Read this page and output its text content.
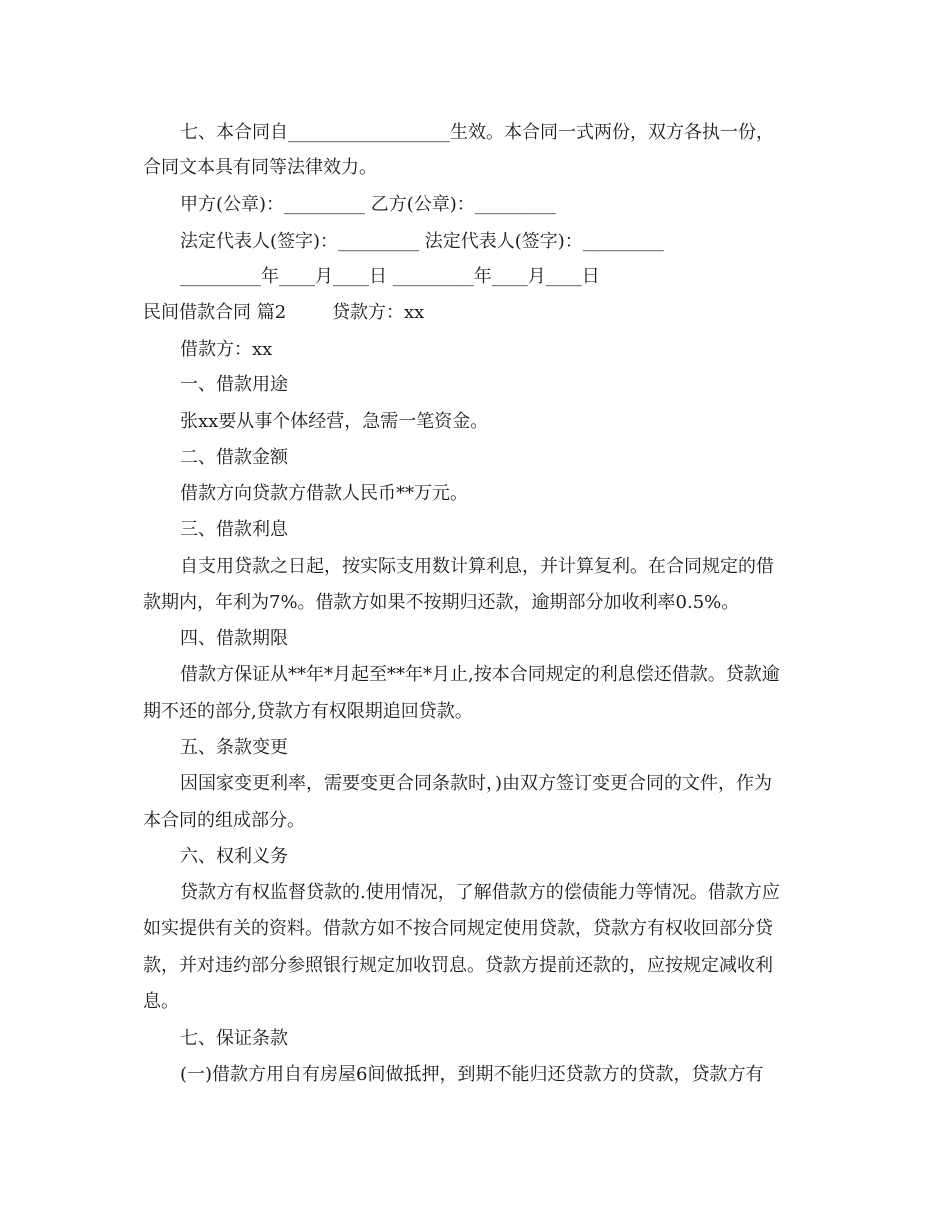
七、本合同自__________________生效。本合同一式两份，双方各执一份，
合同文本具有同等法律效力。
甲方(公章)：_________ 乙方(公章)：_________
法定代表人(签字)：_________ 法定代表人(签字)：_________
_________年____月____日 _________年____月____日
民间借款合同 篇2        贷款方：xx
借款方：xx
一、借款用途
张xx要从事个体经营，急需一笔资金。
二、借款金额
借款方向贷款方借款人民币**万元。
三、借款利息
自支用贷款之日起，按实际支用数计算利息，并计算复利。在合同规定的借
款期内，年利为7%。借款方如果不按期归还款，逾期部分加收利率0.5%。
四、借款期限
借款方保证从**年*月起至**年*月止,按本合同规定的利息偿还借款。贷款逾
期不还的部分,贷款方有权限期追回贷款。
五、条款变更
因国家变更利率，需要变更合同条款时，)由双方签订变更合同的文件，作为
本合同的组成部分。
六、权利义务
贷款方有权监督贷款的.使用情况，了解借款方的偿债能力等情况。借款方应
如实提供有关的资料。借款方如不按合同规定使用贷款，贷款方有权收回部分贷
款，并对违约部分参照银行规定加收罚息。贷款方提前还款的，应按规定减收利
息。
七、保证条款
(一)借款方用自有房屋6间做抵押，到期不能归还贷款方的贷款，贷款方有
